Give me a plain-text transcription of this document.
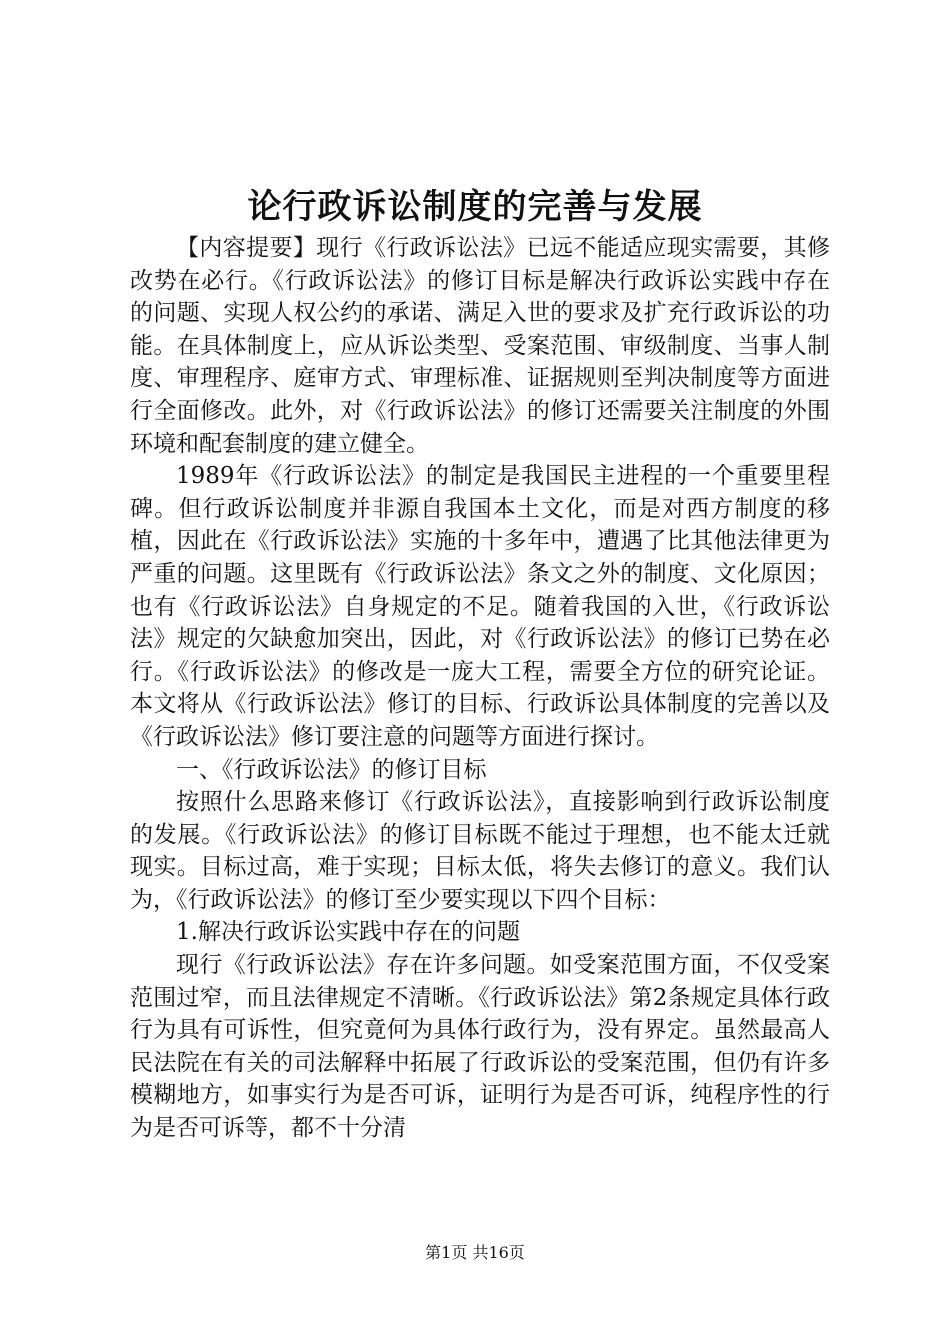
论行政诉讼制度的完善与发展

【内容提要】现行《行政诉讼法》已远不能适应现实需要，其修改势在必行。《行政诉讼法》的修订目标是解决行政诉讼实践中存在的问题、实现人权公约的承诺、满足入世的要求及扩充行政诉讼的功能。在具体制度上，应从诉讼类型、受案范围、审级制度、当事人制度、审理程序、庭审方式、审理标准、证据规则至判决制度等方面进行全面修改。此外，对《行政诉讼法》的修订还需要关注制度的外围环境和配套制度的建立健全。

1989年《行政诉讼法》的制定是我国民主进程的一个重要里程碑。但行政诉讼制度并非源自我国本土文化，而是对西方制度的移植，因此在《行政诉讼法》实施的十多年中，遭遇了比其他法律更为严重的问题。这里既有《行政诉讼法》条文之外的制度、文化原因；也有《行政诉讼法》自身规定的不足。随着我国的入世，《行政诉讼法》规定的欠缺愈加突出，因此，对《行政诉讼法》的修订已势在必行。《行政诉讼法》的修改是一庞大工程，需要全方位的研究论证。本文将从《行政诉讼法》修订的目标、行政诉讼具体制度的完善以及《行政诉讼法》修订要注意的问题等方面进行探讨。

一、《行政诉讼法》的修订目标

按照什么思路来修订《行政诉讼法》，直接影响到行政诉讼制度的发展。《行政诉讼法》的修订目标既不能过于理想，也不能太迁就现实。目标过高，难于实现；目标太低，将失去修订的意义。我们认为，《行政诉讼法》的修订至少要实现以下四个目标：

1.解决行政诉讼实践中存在的问题

现行《行政诉讼法》存在许多问题。如受案范围方面，不仅受案范围过窄，而且法律规定不清晰。《行政诉讼法》第2条规定具体行政行为具有可诉性，但究竟何为具体行政行为，没有界定。虽然最高人民法院在有关的司法解释中拓展了行政诉讼的受案范围，但仍有许多模糊地方，如事实行为是否可诉，证明行为是否可诉，纯程序性的行为是否可诉等，都不十分清

第1页 共16页
